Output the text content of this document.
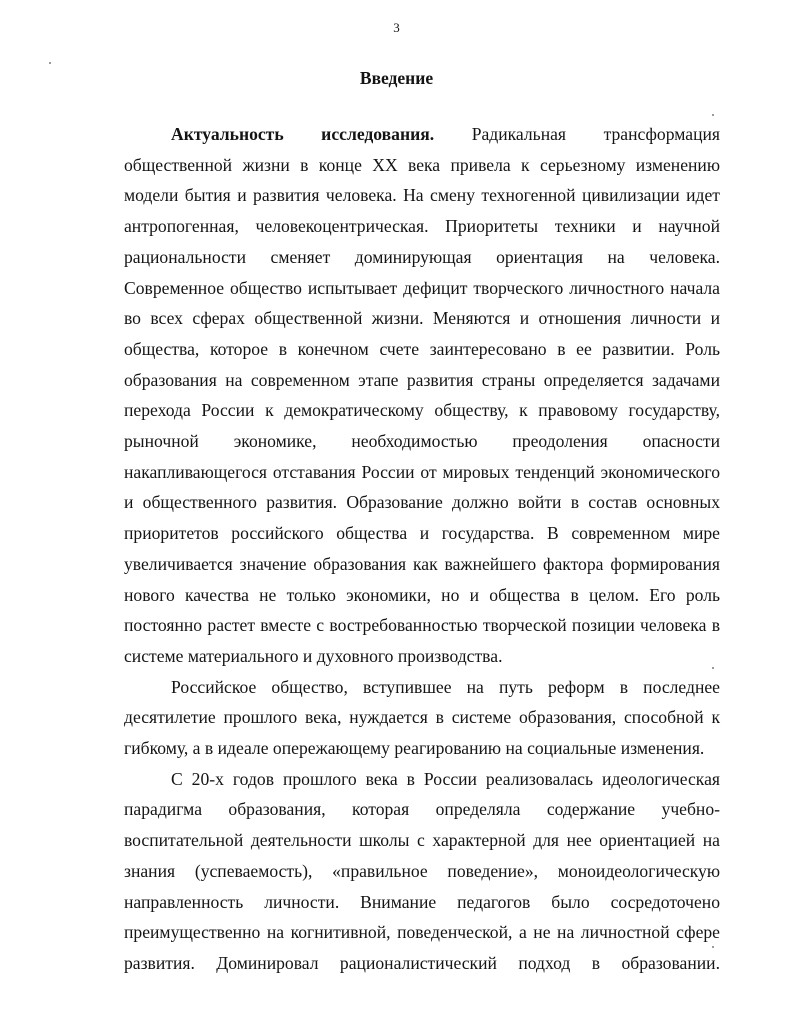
3
Введение

Актуальность исследования. Радикальная трансформация общественной жизни в конце XX века привела к серьезному изменению модели бытия и развития человека. На смену техногенной цивилизации идет антропогенная, человекоцентрическая. Приоритеты техники и научной рациональности сменяет доминирующая ориентация на человека. Современное общество испытывает дефицит творческого личностного начала во всех сферах общественной жизни. Меняются и отношения личности и общества, которое в конечном счете заинтересовано в ее развитии. Роль образования на современном этапе развития страны определяется задачами перехода России к демократическому обществу, к правовому государству, рыночной экономике, необходимостью преодоления опасности накапливающегося отставания России от мировых тенденций экономического и общественного развития. Образование должно войти в состав основных приоритетов российского общества и государства. В современном мире увеличивается значение образования как важнейшего фактора формирования нового качества не только экономики, но и общества в целом. Его роль постоянно растет вместе с востребованностью творческой позиции человека в системе материального и духовного производства.

Российское общество, вступившее на путь реформ в последнее десятилетие прошлого века, нуждается в системе образования, способной к гибкому, а в идеале опережающему реагированию на социальные изменения.

С 20-х годов прошлого века в России реализовалась идеологическая парадигма образования, которая определяла содержание учебно-воспитательной деятельности школы с характерной для нее ориентацией на знания (успеваемость), «правильное поведение», моноидеологическую направленность личности. Внимание педагогов было сосредоточено преимущественно на когнитивной, поведенческой, а не на личностной сфере развития. Доминировал рационалистический подход в образовании.
